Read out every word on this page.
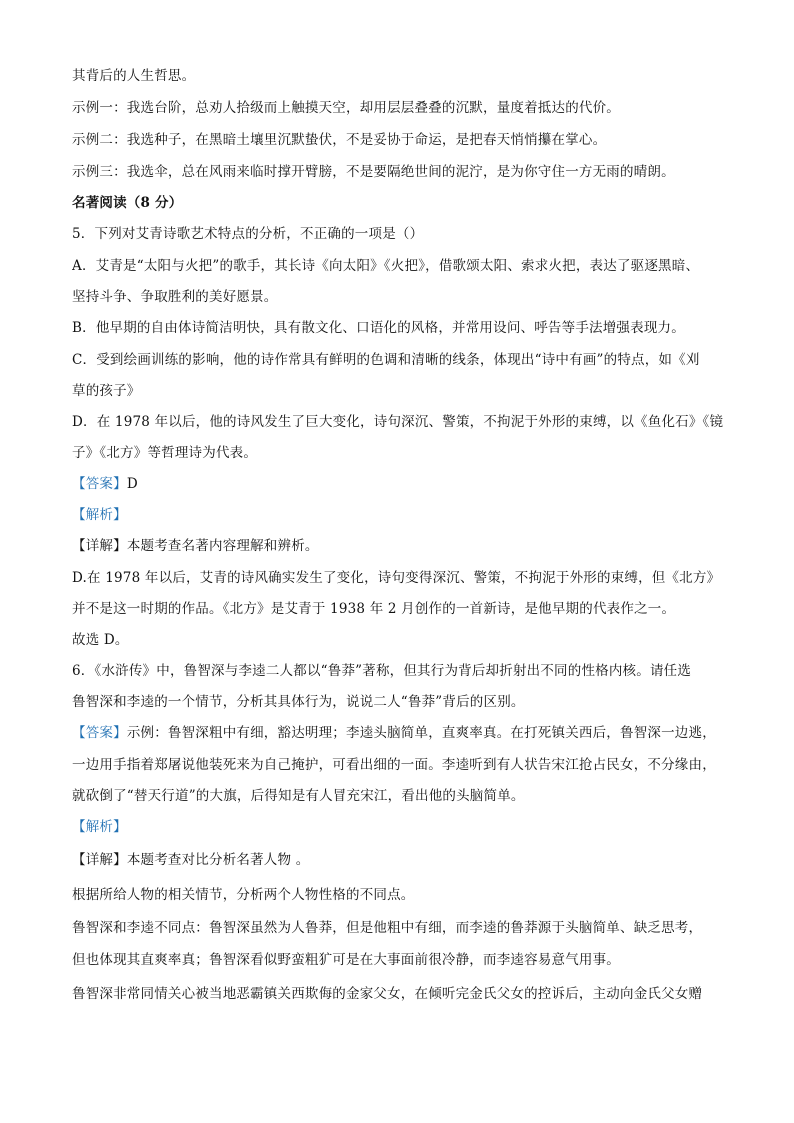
其背后的人生哲思。
示例一：我选台阶，总劝人拾级而上触摸天空，却用层层叠叠的沉默，量度着抵达的代价。
示例二：我选种子，在黑暗土壤里沉默蛰伏，不是妥协于命运，是把春天悄悄攥在掌心。
示例三：我选伞，总在风雨来临时撑开臂膀，不是要隔绝世间的泥泞，是为你守住一方无雨的晴朗。
名著阅读（8 分）
5．下列对艾青诗歌艺术特点的分析，不正确的一项是（）
A．艾青是“太阳与火把”的歌手，其长诗《向太阳》《火把》，借歌颂太阳、索求火把，表达了驱逐黑暗、
坚持斗争、争取胜利的美好愿景。
B．他早期的自由体诗简洁明快，具有散文化、口语化的风格，并常用设问、呼告等手法增强表现力。
C．受到绘画训练的影响，他的诗作常具有鲜明的色调和清晰的线条，体现出“诗中有画”的特点，如《刈
草的孩子》
D．在 1978 年以后，他的诗风发生了巨大变化，诗句深沉、警策，不拘泥于外形的束缚，以《鱼化石》《镜
子》《北方》等哲理诗为代表。
【答案】D
【解析】
【详解】本题考查名著内容理解和辨析。
D.在 1978 年以后，艾青的诗风确实发生了变化，诗句变得深沉、警策，不拘泥于外形的束缚，但《北方》
并不是这一时期的作品。《北方》是艾青于 1938 年 2 月创作的一首新诗，是他早期的代表作之一。
故选 D。
6．《水浒传》中，鲁智深与李逵二人都以“鲁莽”著称，但其行为背后却折射出不同的性格内核。请任选
鲁智深和李逵的一个情节，分析其具体行为，说说二人“鲁莽”背后的区别。
【答案】示例：鲁智深粗中有细，豁达明理；李逵头脑简单，直爽率真。在打死镇关西后，鲁智深一边逃，
一边用手指着郑屠说他装死来为自己掩护，可看出细的一面。李逵听到有人状告宋江抢占民女，不分缘由，
就砍倒了“替天行道”的大旗，后得知是有人冒充宋江，看出他的头脑简单。
【解析】
【详解】本题考查对比分析名著人物 。
根据所给人物的相关情节，分析两个人物性格的不同点。
鲁智深和李逵不同点：鲁智深虽然为人鲁莽，但是他粗中有细，而李逵的鲁莽源于头脑简单、缺乏思考，
但也体现其直爽率真；鲁智深看似野蛮粗犷可是在大事面前很冷静，而李逵容易意气用事。
鲁智深非常同情关心被当地恶霸镇关西欺侮的金家父女，在倾听完金氏父女的控诉后，主动向金氏父女赠
